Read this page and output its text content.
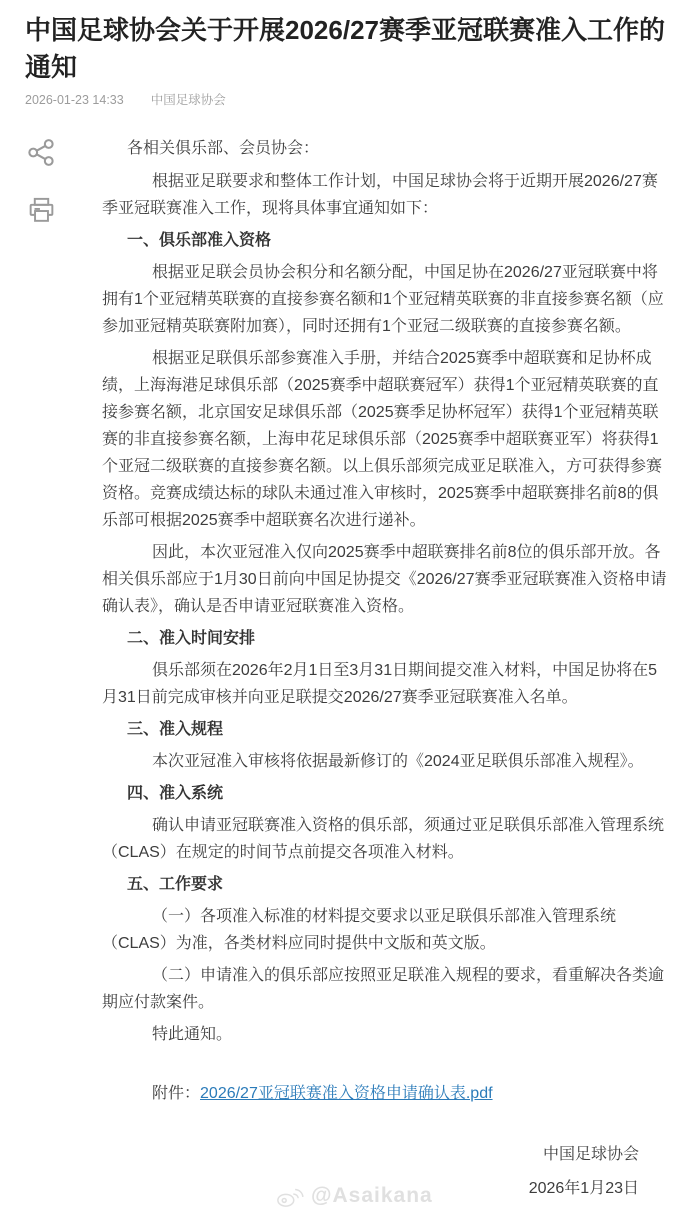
中国足球协会关于开展2026/27赛季亚冠联赛准入工作的通知
2026-01-23 14:33 中国足球协会

各相关俱乐部、会员协会：

根据亚足联要求和整体工作计划，中国足球协会将于近期开展2026/27赛季亚冠联赛准入工作，现将具体事宜通知如下：

一、俱乐部准入资格

根据亚足联会员协会积分和名额分配，中国足协在2026/27亚冠联赛中将拥有1个亚冠精英联赛的直接参赛名额和1个亚冠精英联赛的非直接参赛名额（应参加亚冠精英联赛附加赛），同时还拥有1个亚冠二级联赛的直接参赛名额。

根据亚足联俱乐部参赛准入手册，并结合2025赛季中超联赛和足协杯成绩，上海海港足球俱乐部（2025赛季中超联赛冠军）获得1个亚冠精英联赛的直接参赛名额，北京国安足球俱乐部（2025赛季足协杯冠军）获得1个亚冠精英联赛的非直接参赛名额，上海申花足球俱乐部（2025赛季中超联赛亚军）将获得1个亚冠二级联赛的直接参赛名额。以上俱乐部须完成亚足联准入，方可获得参赛资格。竞赛成绩达标的球队未通过准入审核时，2025赛季中超联赛排名前8的俱乐部可根据2025赛季中超联赛名次进行递补。

因此，本次亚冠准入仅向2025赛季中超联赛排名前8位的俱乐部开放。各相关俱乐部应于1月30日前向中国足协提交《2026/27赛季亚冠联赛准入资格申请确认表》，确认是否申请亚冠联赛准入资格。

二、准入时间安排

俱乐部须在2026年2月1日至3月31日期间提交准入材料，中国足协将在5月31日前完成审核并向亚足联提交2026/27赛季亚冠联赛准入名单。

三、准入规程

本次亚冠准入审核将依据最新修订的《2024亚足联俱乐部准入规程》。

四、准入系统

确认申请亚冠联赛准入资格的俱乐部，须通过亚足联俱乐部准入管理系统（CLAS）在规定的时间节点前提交各项准入材料。

五、工作要求

（一）各项准入标准的材料提交要求以亚足联俱乐部准入管理系统（CLAS）为准，各类材料应同时提供中文版和英文版。

（二）申请准入的俱乐部应按照亚足联准入规程的要求，看重解决各类逾期应付款案件。

特此通知。

附件：2026/27亚冠联赛准入资格申请确认表.pdf

中国足球协会

2026年1月23日

@Asaikana
